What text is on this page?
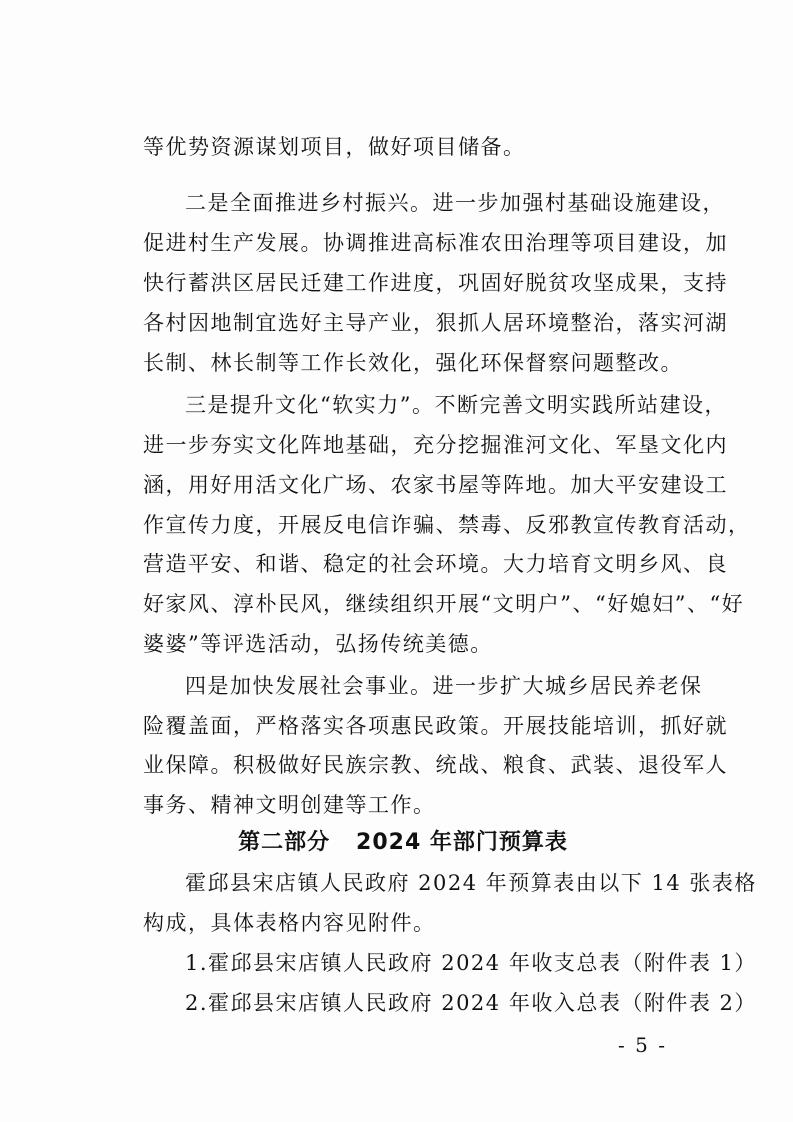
等优势资源谋划项目，做好项目储备。
二是全面推进乡村振兴。进一步加强村基础设施建设，
促进村生产发展。协调推进高标准农田治理等项目建设，加
快行蓄洪区居民迁建工作进度，巩固好脱贫攻坚成果，支持
各村因地制宜选好主导产业，狠抓人居环境整治，落实河湖
长制、林长制等工作长效化，强化环保督察问题整改。
三是提升文化“软实力”。不断完善文明实践所站建设，
进一步夯实文化阵地基础，充分挖掘淮河文化、军垦文化内
涵，用好用活文化广场、农家书屋等阵地。加大平安建设工
作宣传力度，开展反电信诈骗、禁毒、反邪教宣传教育活动，
营造平安、和谐、稳定的社会环境。大力培育文明乡风、良
好家风、淳朴民风，继续组织开展“文明户”、“好媳妇”、“好
婆婆”等评选活动，弘扬传统美德。
四是加快发展社会事业。进一步扩大城乡居民养老保
险覆盖面，严格落实各项惠民政策。开展技能培训，抓好就
业保障。积极做好民族宗教、统战、粮食、武装、退役军人
事务、精神文明创建等工作。
第二部分   2024 年部门预算表
霍邱县宋店镇人民政府 2024 年预算表由以下 14 张表格
构成，具体表格内容见附件。
1.霍邱县宋店镇人民政府 2024 年收支总表（附件表 1）
2.霍邱县宋店镇人民政府 2024 年收入总表（附件表 2）
- 5 -
